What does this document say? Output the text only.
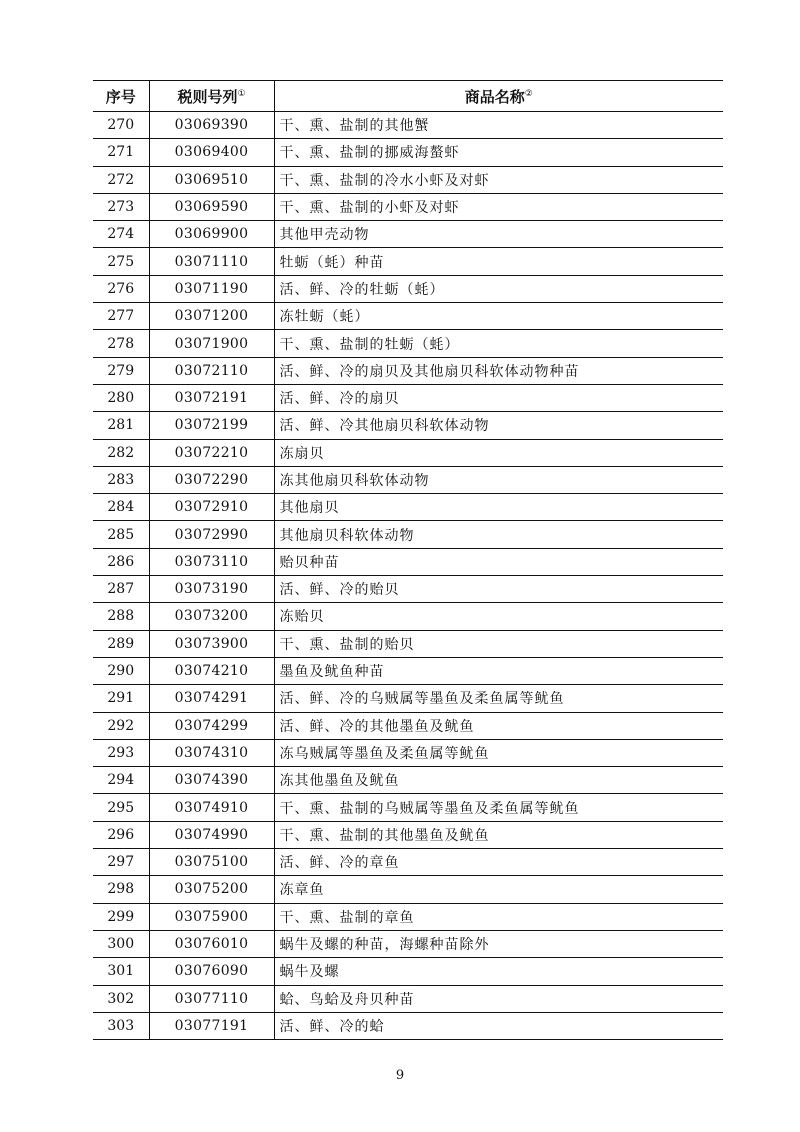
序号	税则号列①	商品名称②
270	03069390	干、熏、盐制的其他蟹
271	03069400	干、熏、盐制的挪威海螯虾
272	03069510	干、熏、盐制的冷水小虾及对虾
273	03069590	干、熏、盐制的小虾及对虾
274	03069900	其他甲壳动物
275	03071110	牡蛎（蚝）种苗
276	03071190	活、鲜、冷的牡蛎（蚝）
277	03071200	冻牡蛎（蚝）
278	03071900	干、熏、盐制的牡蛎（蚝）
279	03072110	活、鲜、冷的扇贝及其他扇贝科软体动物种苗
280	03072191	活、鲜、冷的扇贝
281	03072199	活、鲜、冷其他扇贝科软体动物
282	03072210	冻扇贝
283	03072290	冻其他扇贝科软体动物
284	03072910	其他扇贝
285	03072990	其他扇贝科软体动物
286	03073110	贻贝种苗
287	03073190	活、鲜、冷的贻贝
288	03073200	冻贻贝
289	03073900	干、熏、盐制的贻贝
290	03074210	墨鱼及鱿鱼种苗
291	03074291	活、鲜、冷的乌贼属等墨鱼及柔鱼属等鱿鱼
292	03074299	活、鲜、冷的其他墨鱼及鱿鱼
293	03074310	冻乌贼属等墨鱼及柔鱼属等鱿鱼
294	03074390	冻其他墨鱼及鱿鱼
295	03074910	干、熏、盐制的乌贼属等墨鱼及柔鱼属等鱿鱼
296	03074990	干、熏、盐制的其他墨鱼及鱿鱼
297	03075100	活、鲜、冷的章鱼
298	03075200	冻章鱼
299	03075900	干、熏、盐制的章鱼
300	03076010	蜗牛及螺的种苗，海螺种苗除外
301	03076090	蜗牛及螺
302	03077110	蛤、鸟蛤及舟贝种苗
303	03077191	活、鲜、冷的蛤
9
